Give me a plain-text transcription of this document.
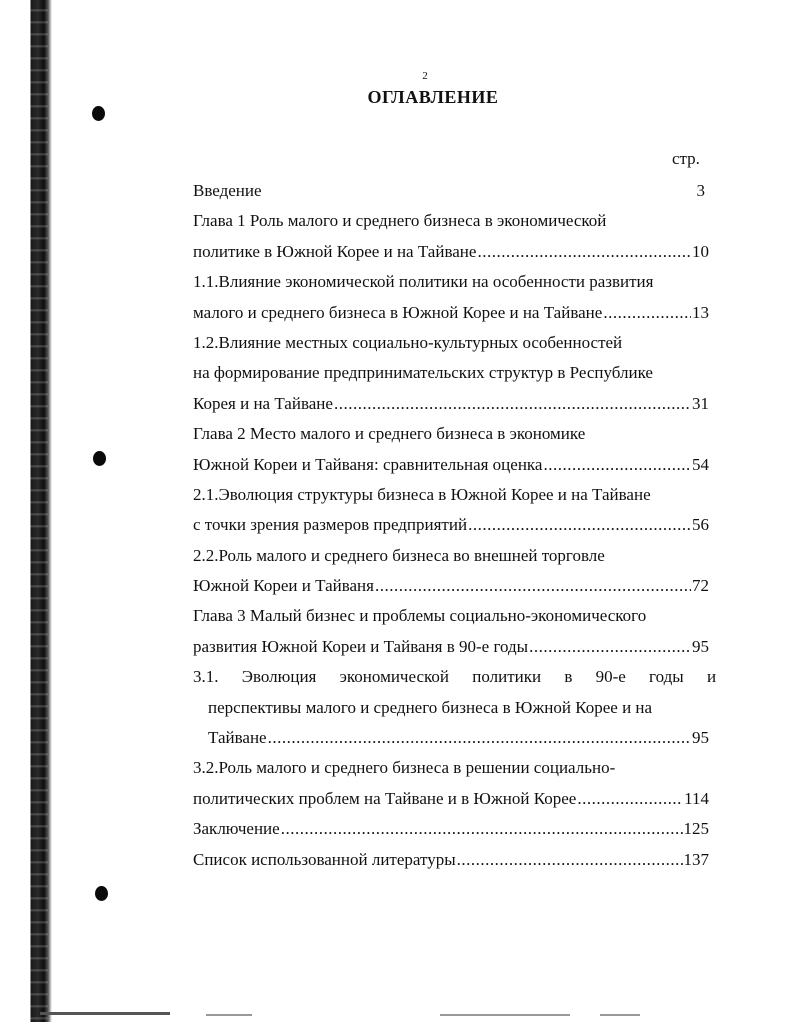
2
ОГЛАВЛЕНИЕ
стр.
Введение	3
Глава 1 Роль малого и среднего бизнеса в экономической
политике в Южной Корее и на Тайване .....	10
1.1.Влияние экономической политики на особенности развития
малого и среднего бизнеса в Южной Корее и на Тайване .....	13
1.2.Влияние местных социально-культурных особенностей
на формирование предпринимательских структур в Республике
Корея и на Тайване .....	31
Глава 2 Место малого и среднего бизнеса в экономике
Южной Кореи и Тайваня: сравнительная оценка .....	54
2.1.Эволюция структуры бизнеса в Южной Корее и на Тайване
с точки зрения размеров предприятий .....	56
2.2.Роль малого и среднего бизнеса во внешней торговле
Южной Кореи и Тайваня .....	72
Глава 3 Малый бизнес и проблемы социально-экономического
развития Южной Кореи и Тайваня в 90-е годы .....	95
3.1. Эволюция экономической политики в 90-е годы и
перспективы малого и среднего бизнеса в Южной Корее и на
Тайване .....	95
3.2.Роль малого и среднего бизнеса в решении социально-
политических проблем на Тайване и в Южной Корее .....	114
Заключение .....	125
Список использованной литературы .....	137
